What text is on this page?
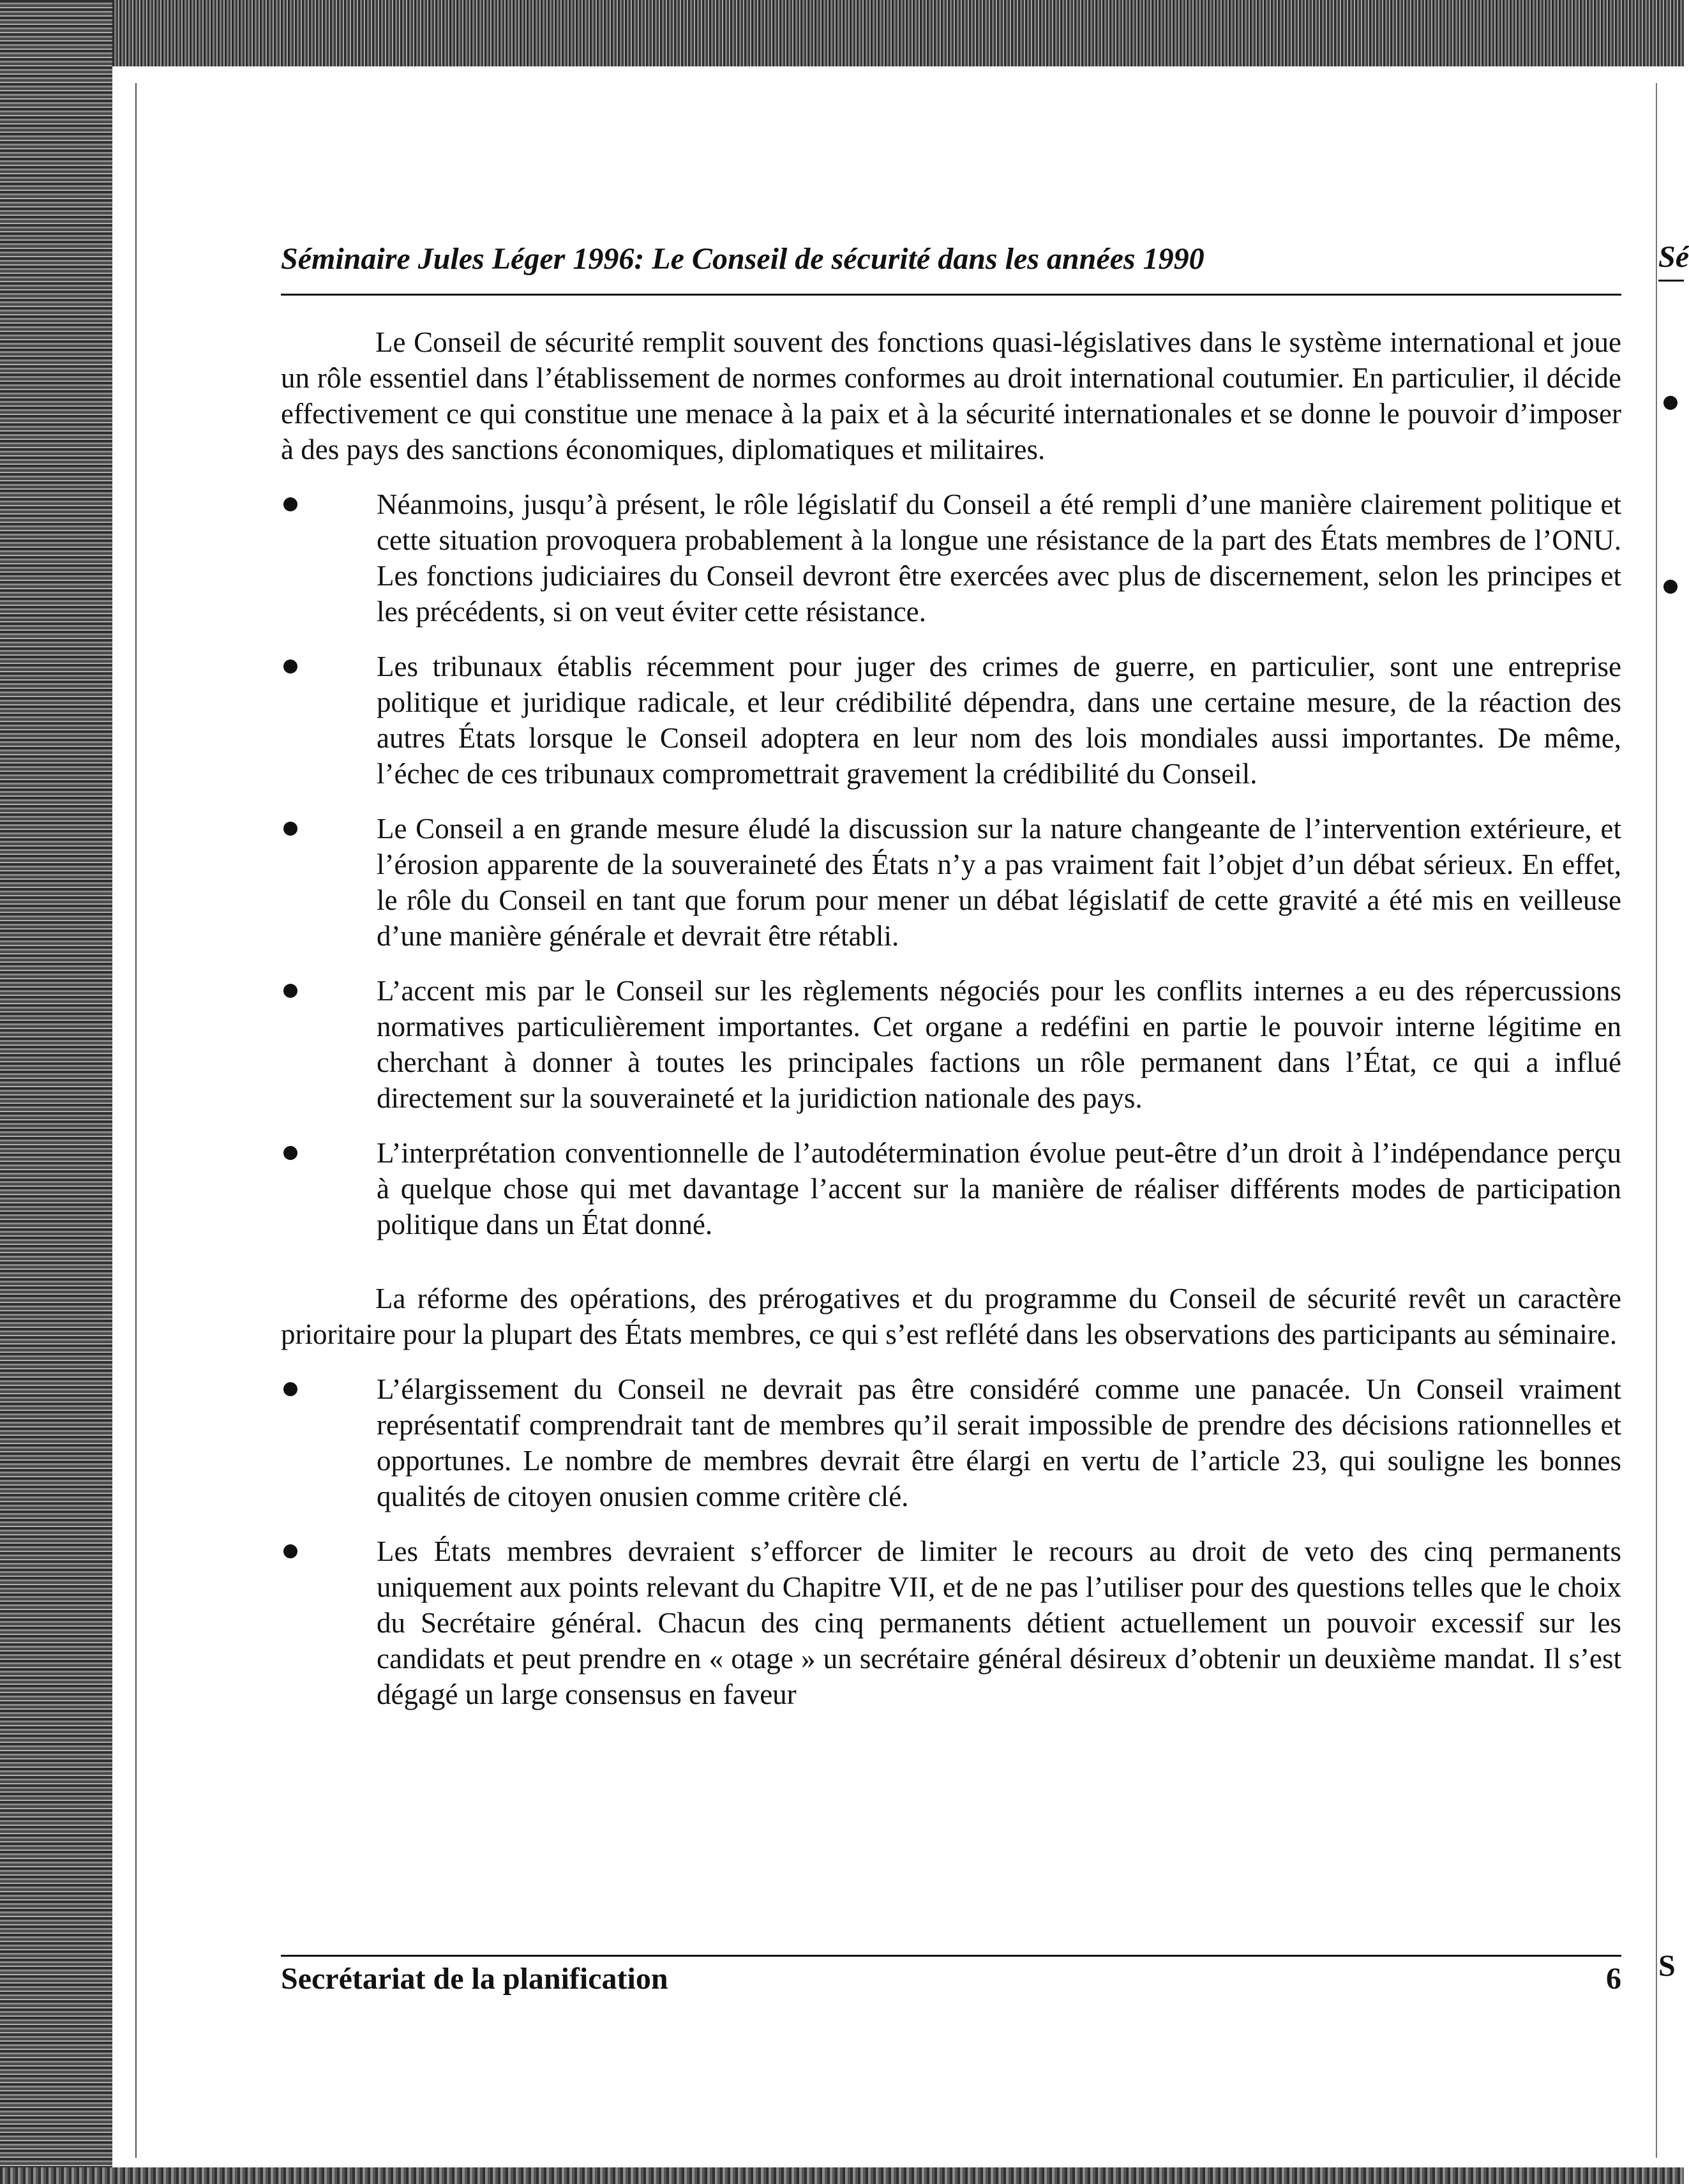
Sé
S
Séminaire Jules Léger 1996: Le Conseil de sécurité dans les années 1990

Le Conseil de sécurité remplit souvent des fonctions quasi-législatives dans le système international et joue un rôle essentiel dans l’établissement de normes conformes au droit international coutumier. En particulier, il décide effectivement ce qui constitue une menace à la paix et à la sécurité internationales et se donne le pouvoir d’imposer à des pays des sanctions économiques, diplomatiques et militaires.

Néanmoins, jusqu’à présent, le rôle législatif du Conseil a été rempli d’une manière clairement politique et cette situation provoquera probablement à la longue une résistance de la part des États membres de l’ONU. Les fonctions judiciaires du Conseil devront être exercées avec plus de discernement, selon les principes et les précédents, si on veut éviter cette résistance.
Les tribunaux établis récemment pour juger des crimes de guerre, en particulier, sont une entreprise politique et juridique radicale, et leur crédibilité dépendra, dans une certaine mesure, de la réaction des autres États lorsque le Conseil adoptera en leur nom des lois mondiales aussi importantes. De même, l’échec de ces tribunaux compromettrait gravement la crédibilité du Conseil.
Le Conseil a en grande mesure éludé la discussion sur la nature changeante de l’intervention extérieure, et l’érosion apparente de la souveraineté des États n’y a pas vraiment fait l’objet d’un débat sérieux. En effet, le rôle du Conseil en tant que forum pour mener un débat législatif de cette gravité a été mis en veilleuse d’une manière générale et devrait être rétabli.
L’accent mis par le Conseil sur les règlements négociés pour les conflits internes a eu des répercussions normatives particulièrement importantes. Cet organe a redéfini en partie le pouvoir interne légitime en cherchant à donner à toutes les principales factions un rôle permanent dans l’État, ce qui a influé directement sur la souveraineté et la juridiction nationale des pays.
L’interprétation conventionnelle de l’autodétermination évolue peut-être d’un droit à l’indépendance perçu à quelque chose qui met davantage l’accent sur la manière de réaliser différents modes de participation politique dans un État donné.

La réforme des opérations, des prérogatives et du programme du Conseil de sécurité revêt un caractère prioritaire pour la plupart des États membres, ce qui s’est reflété dans les observations des participants au séminaire.

L’élargissement du Conseil ne devrait pas être considéré comme une panacée. Un Conseil vraiment représentatif comprendrait tant de membres qu’il serait impossible de prendre des décisions rationnelles et opportunes. Le nombre de membres devrait être élargi en vertu de l’article 23, qui souligne les bonnes qualités de citoyen onusien comme critère clé.
Les États membres devraient s’efforcer de limiter le recours au droit de veto des cinq permanents uniquement aux points relevant du Chapitre VII, et de ne pas l’utiliser pour des questions telles que le choix du Secrétaire général. Chacun des cinq permanents détient actuellement un pouvoir excessif sur les candidats et peut prendre en « otage » un secrétaire général désireux d’obtenir un deuxième mandat. Il s’est dégagé un large consensus en faveur
Secrétariat de la planification	6
